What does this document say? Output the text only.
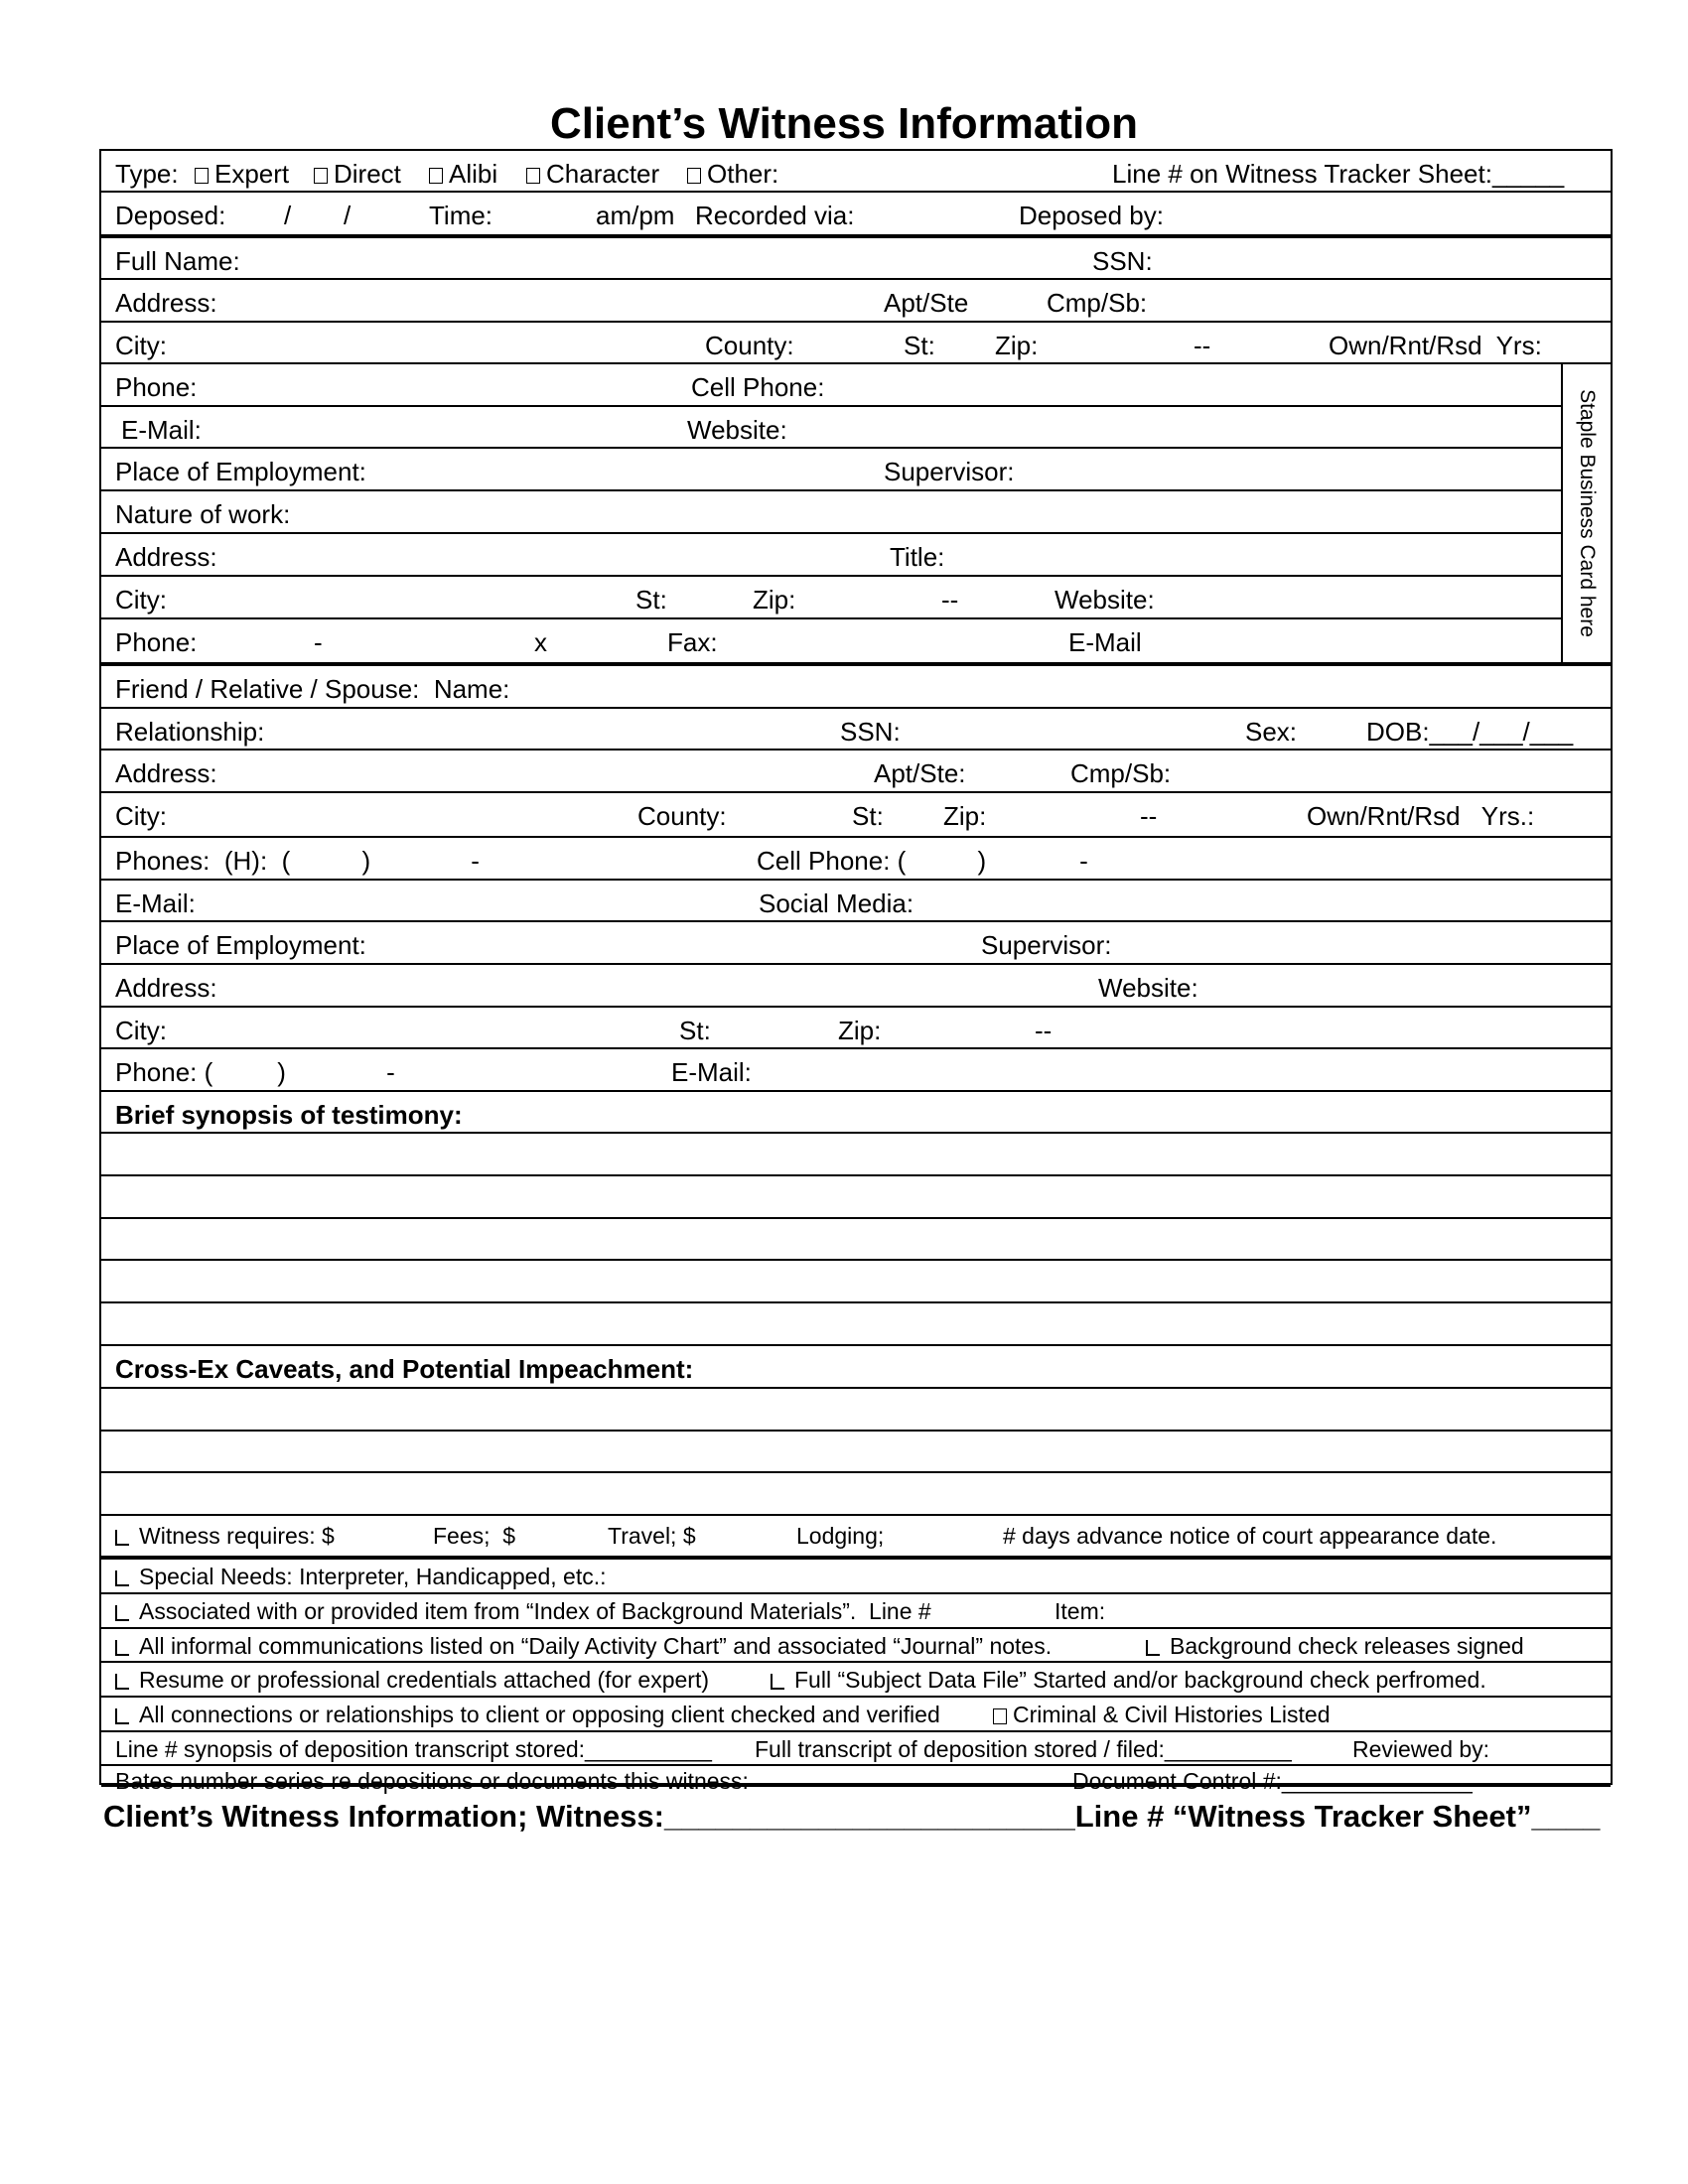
Client’s Witness Information
Type:	Expert	Direct	Alibi	Character	Other:	Line # on Witness Tracker Sheet:_____
Deposed: / /	Time:	am/pm Recorded via:	Deposed by:
Full Name:	SSN:
Address:	Apt/Ste	Cmp/Sb:
City:	County:	St: Zip:	--	Own/Rnt/Rsd  Yrs:
Staple Business Card here
Phone:	Cell Phone:
E-Mail:	Website:
Place of Employment:	Supervisor:
Nature of work:
Address:	Title:
City:	St:	Zip:	--	Website:
Phone:	-	x	Fax:	E-Mail
Friend / Relative / Spouse:  Name:
Relationship:	SSN:	Sex:	DOB:___/___/___
Address:	Apt/Ste:	Cmp/Sb:
City:	County:	St: Zip:	--	Own/Rnt/Rsd   Yrs.:
Phones:  (H):  (          )              -	Cell Phone: (          )             -
E-Mail:	Social Media:
Place of Employment:	Supervisor:
Address:	Website:
City:	St:	Zip:	--
Phone: (         )              -	E-Mail:
Brief synopsis of testimony:
Cross-Ex Caveats, and Potential Impeachment:
Witness requires: $	Fees;  $	Travel; $	Lodging;	# days advance notice of court appearance date.
Special Needs: Interpreter, Handicapped, etc.:
Associated with or provided item from “Index of Background Materials”.  Line #	Item:
All informal communications listed on “Daily Activity Chart” and associated “Journal” notes.	Background check releases signed
Resume or professional credentials attached (for expert)	Full “Subject Data File” Started and/or background check perfromed.
All connections or relationships to client or opposing client checked and verified	Criminal & Civil Histories Listed
Line # synopsis of deposition transcript stored:__________ Full transcript of deposition stored / filed:__________	Reviewed by:
Bates number series re depositions or documents this witness:	Document Control #:_______________
Client’s Witness Information; Witness:________________________Line # “Witness Tracker Sheet”____
